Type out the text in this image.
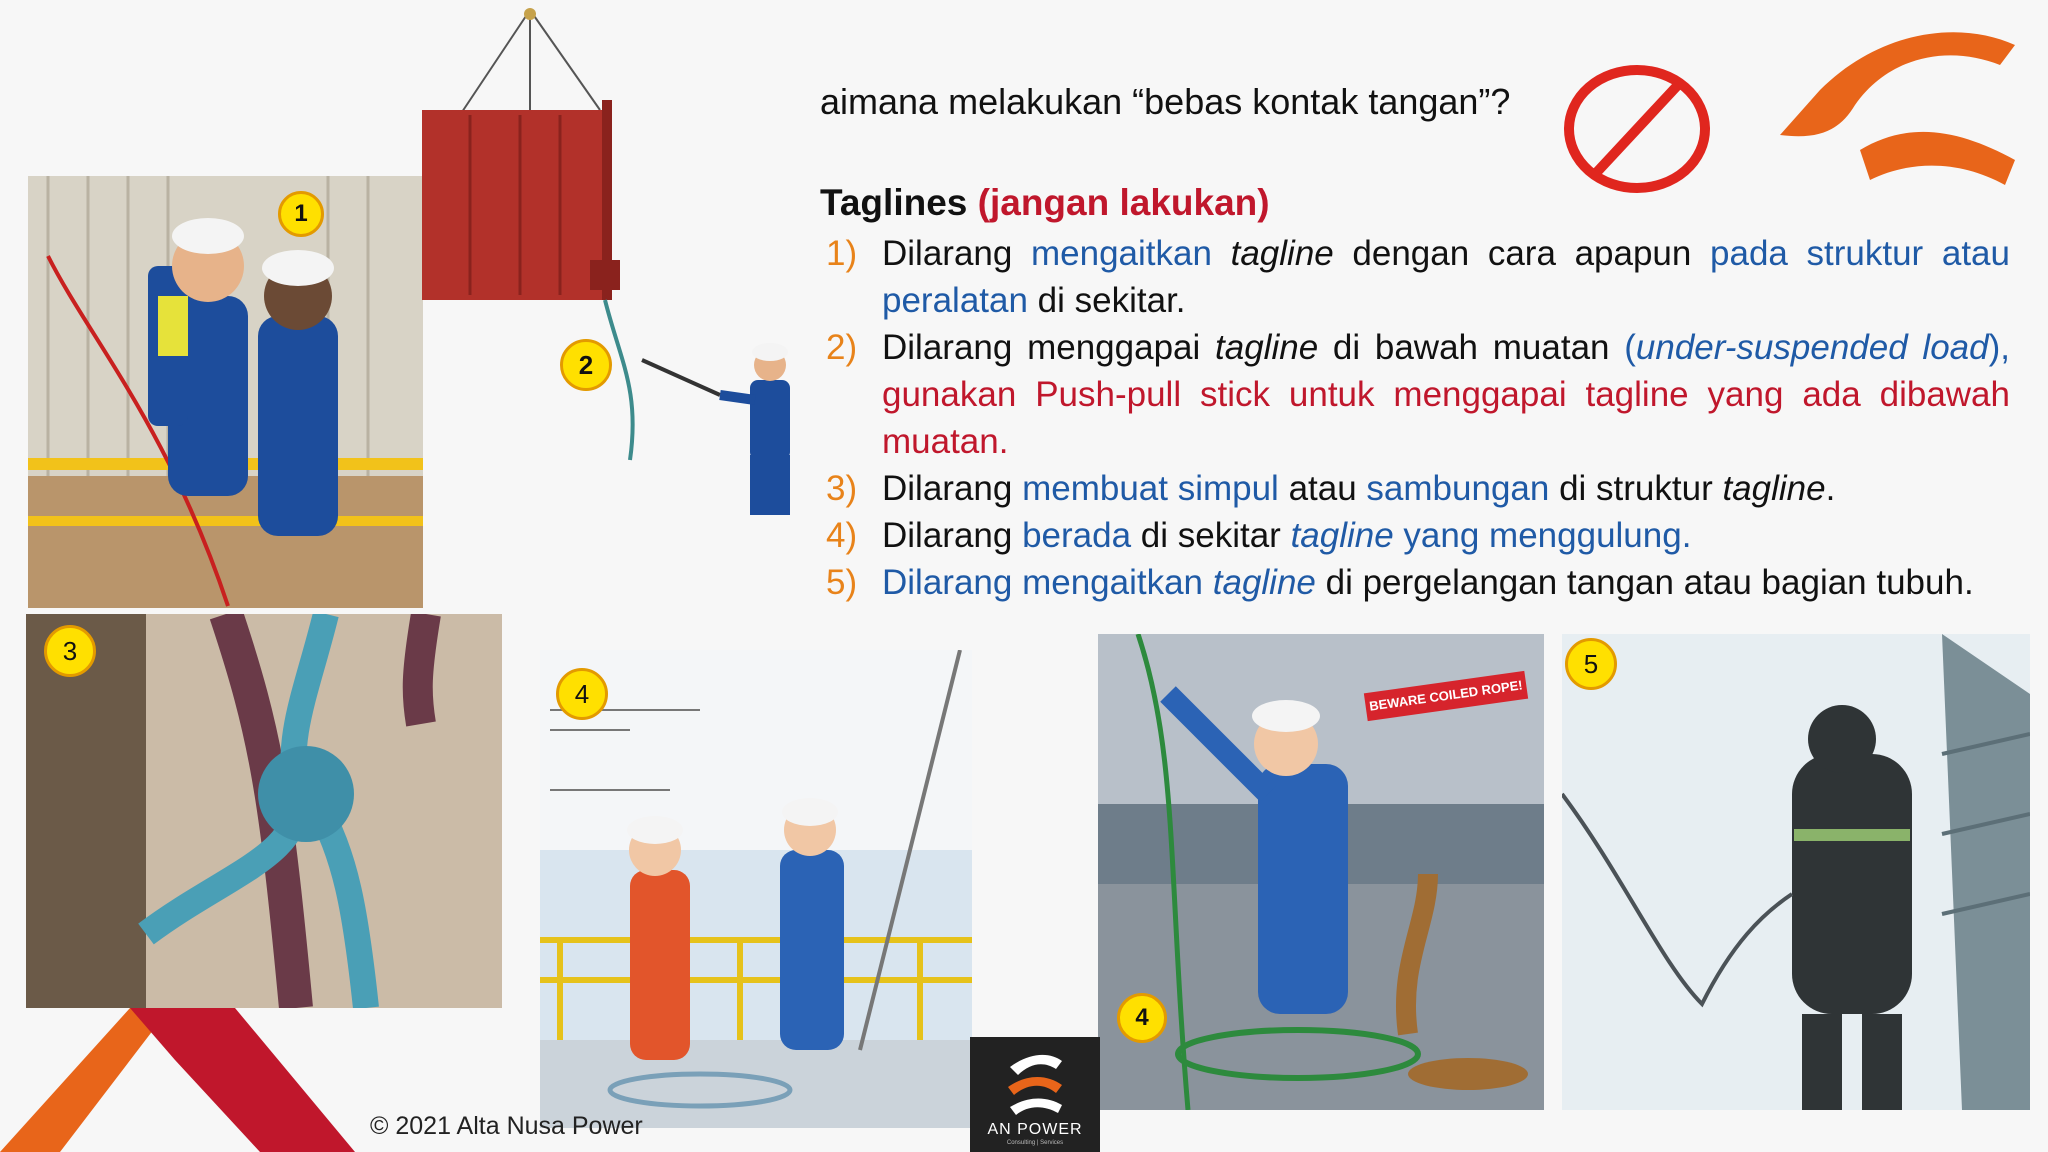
1
2
3
4	BEWARE COILED ROPE!
4
5
aimana melakukan “bebas kontak tangan”?
Taglines (jangan lakukan)
1) Dilarang mengaitkan tagline dengan cara apapun pada struktur atau peralatan di sekitar.
2) Dilarang menggapai tagline di bawah muatan (under-suspended load), gunakan Push-pull stick untuk menggapai tagline yang ada dibawah muatan.
3) Dilarang membuat simpul atau sambungan di struktur tagline.
4) Dilarang berada di sekitar tagline yang menggulung.
5) Dilarang mengaitkan tagline di pergelangan tangan atau bagian tubuh.
© 2021 Alta Nusa Power	AN POWER
Consulting | Services
